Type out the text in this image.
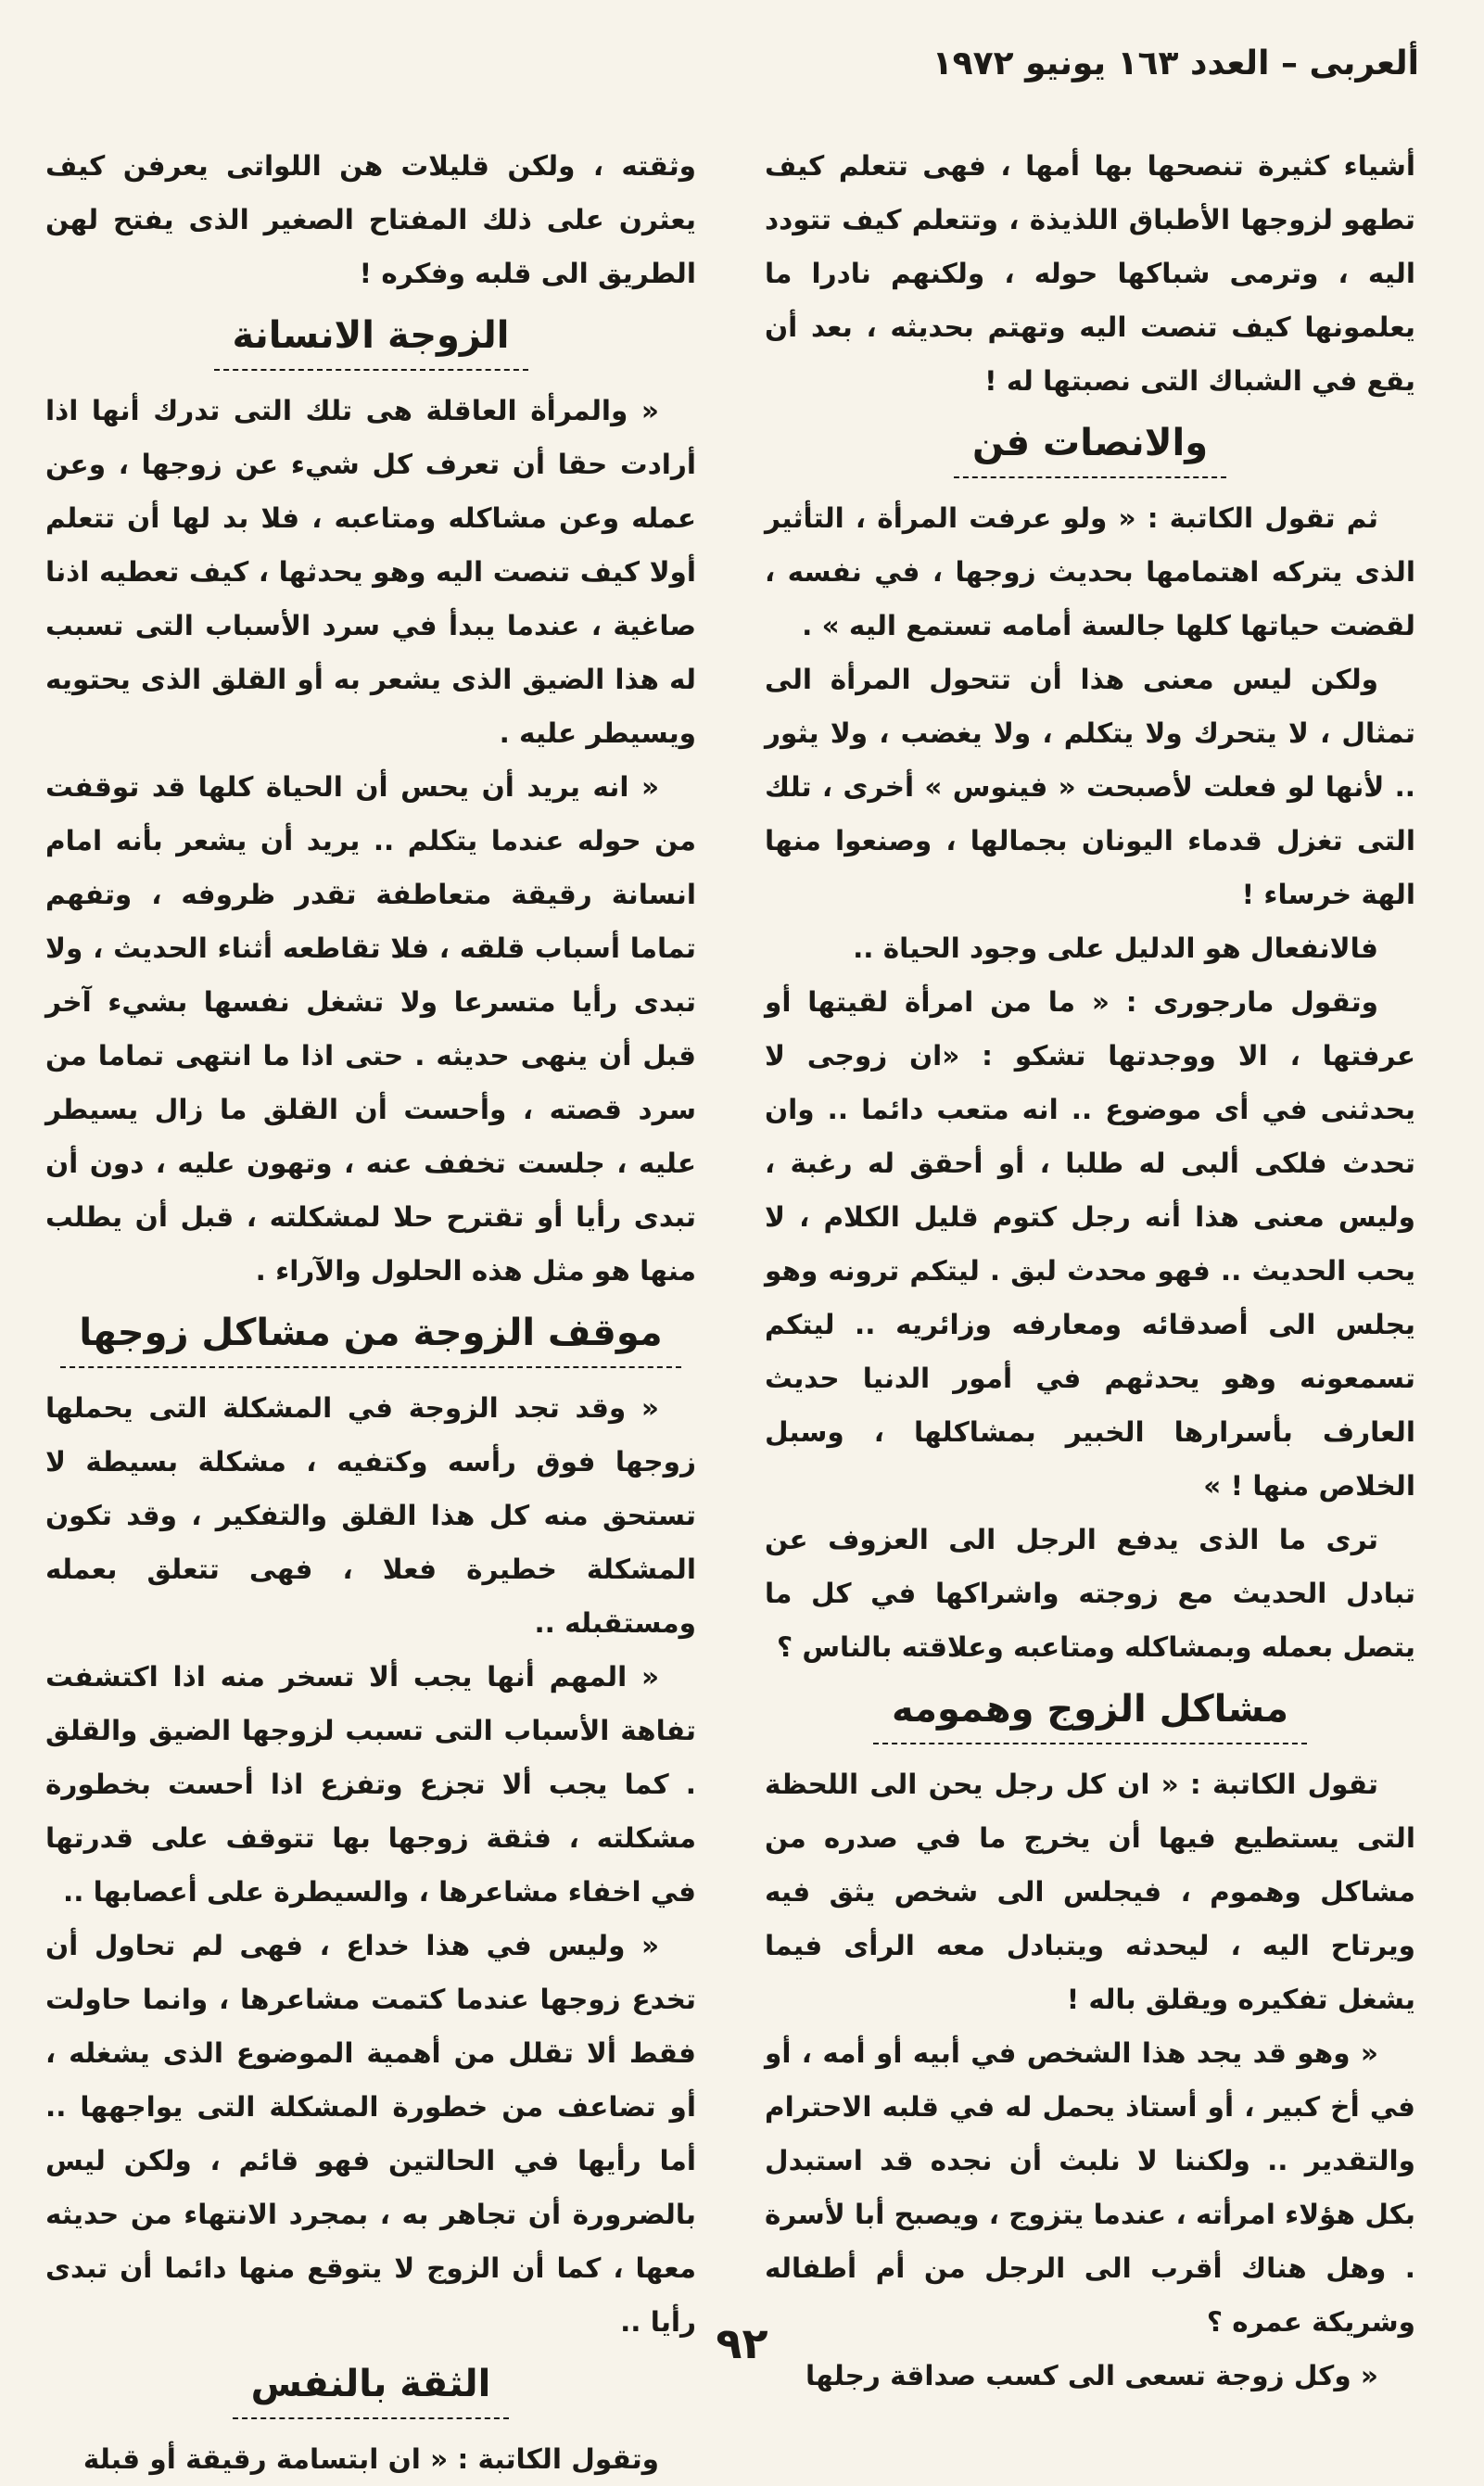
ألعربى – العدد ١٦٣ يونيو ١٩٧٢

أشياء كثيرة تنصحها بها أمها ، فهى تتعلم كيف تطهو لزوجها الأطباق اللذيذة ، وتتعلم كيف تتودد اليه ، وترمى شباكها حوله ، ولكنهم نادرا ما يعلمونها كيف تنصت اليه وتهتم بحديثه ، بعد أن يقع في الشباك التى نصبتها له !

والانصات فن

ثم تقول الكاتبة : « ولو عرفت المرأة ، التأثير الذى يتركه اهتمامها بحديث زوجها ، في نفسه ، لقضت حياتها كلها جالسة أمامه تستمع اليه » .

ولكن ليس معنى هذا أن تتحول المرأة الى تمثال ، لا يتحرك ولا يتكلم ، ولا يغضب ، ولا يثور .. لأنها لو فعلت لأصبحت « فينوس » أخرى ، تلك التى تغزل قدماء اليونان بجمالها ، وصنعوا منها الهة خرساء !

فالانفعال هو الدليل على وجود الحياة ..

وتقول مارجورى : « ما من امرأة لقيتها أو عرفتها ، الا ووجدتها تشكو : «ان زوجى لا يحدثنى في أى موضوع .. انه متعب دائما .. وان تحدث فلكى ألبى له طلبا ، أو أحقق له رغبة ، وليس معنى هذا أنه رجل كتوم قليل الكلام ، لا يحب الحديث .. فهو محدث لبق . ليتكم ترونه وهو يجلس الى أصدقائه ومعارفه وزائريه .. ليتكم تسمعونه وهو يحدثهم في أمور الدنيا حديث العارف بأسرارها الخبير بمشاكلها ، وسبل الخلاص منها ! »

ترى ما الذى يدفع الرجل الى العزوف عن تبادل الحديث مع زوجته واشراكها في كل ما يتصل بعمله وبمشاكله ومتاعبه وعلاقته بالناس ؟

مشاكل الزوج وهمومه

تقول الكاتبة : « ان كل رجل يحن الى اللحظة التى يستطيع فيها أن يخرج ما في صدره من مشاكل وهموم ، فيجلس الى شخص يثق فيه ويرتاح اليه ، ليحدثه ويتبادل معه الرأى فيما يشغل تفكيره ويقلق باله !

« وهو قد يجد هذا الشخص في أبيه أو أمه ، أو في أخ كبير ، أو أستاذ يحمل له في قلبه الاحترام والتقدير .. ولكننا لا نلبث أن نجده قد استبدل بكل هؤلاء امرأته ، عندما يتزوج ، ويصبح أبا لأسرة . وهل هناك أقرب الى الرجل من أم أطفاله وشريكة عمره ؟

« وكل زوجة تسعى الى كسب صداقة رجلها

وثقته ، ولكن قليلات هن اللواتى يعرفن كيف يعثرن على ذلك المفتاح الصغير الذى يفتح لهن الطريق الى قلبه وفكره !

الزوجة الانسانة

« والمرأة العاقلة هى تلك التى تدرك أنها اذا أرادت حقا أن تعرف كل شيء عن زوجها ، وعن عمله وعن مشاكله ومتاعبه ، فلا بد لها أن تتعلم أولا كيف تنصت اليه وهو يحدثها ، كيف تعطيه اذنا صاغية ، عندما يبدأ في سرد الأسباب التى تسبب له هذا الضيق الذى يشعر به أو القلق الذى يحتويه ويسيطر عليه .

« انه يريد أن يحس أن الحياة كلها قد توقفت من حوله عندما يتكلم .. يريد أن يشعر بأنه امام انسانة رقيقة متعاطفة تقدر ظروفه ، وتفهم تماما أسباب قلقه ، فلا تقاطعه أثناء الحديث ، ولا تبدى رأيا متسرعا ولا تشغل نفسها بشيء آخر قبل أن ينهى حديثه . حتى اذا ما انتهى تماما من سرد قصته ، وأحست أن القلق ما زال يسيطر عليه ، جلست تخفف عنه ، وتهون عليه ، دون أن تبدى رأيا أو تقترح حلا لمشكلته ، قبل أن يطلب منها هو مثل هذه الحلول والآراء .

موقف الزوجة من مشاكل زوجها

« وقد تجد الزوجة في المشكلة التى يحملها زوجها فوق رأسه وكتفيه ، مشكلة بسيطة لا تستحق منه كل هذا القلق والتفكير ، وقد تكون المشكلة خطيرة فعلا ، فهى تتعلق بعمله ومستقبله ..

« المهم أنها يجب ألا تسخر منه اذا اكتشفت تفاهة الأسباب التى تسبب لزوجها الضيق والقلق . كما يجب ألا تجزع وتفزع اذا أحست بخطورة مشكلته ، فثقة زوجها بها تتوقف على قدرتها في اخفاء مشاعرها ، والسيطرة على أعصابها ..

« وليس في هذا خداع ، فهى لم تحاول أن تخدع زوجها عندما كتمت مشاعرها ، وانما حاولت فقط ألا تقلل من أهمية الموضوع الذى يشغله ، أو تضاعف من خطورة المشكلة التى يواجهها .. أما رأيها في الحالتين فهو قائم ، ولكن ليس بالضرورة أن تجاهر به ، بمجرد الانتهاء من حديثه معها ، كما أن الزوج لا يتوقع منها دائما أن تبدى رأيا ..

الثقة بالنفس

وتقول الكاتبة : « ان ابتسامة رقيقة أو قبلة

٩٢
